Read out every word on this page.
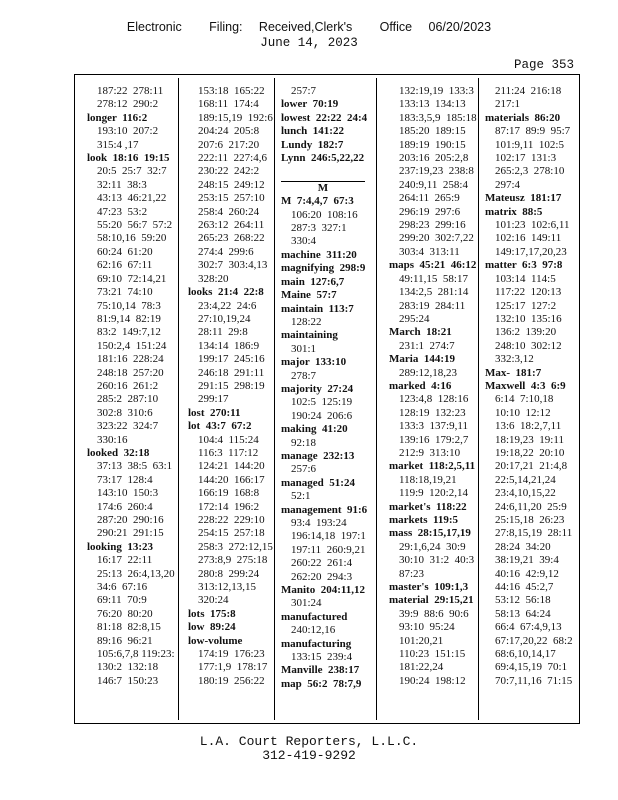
Electronic     Filing:   Received,Clerk's     Office   06/20/2023
June 14, 2023
Page 353
187:22  278:11
278:12  290:2
longer  116:2
193:10  207:2
315:4 ,17
look  18:16  19:15
20:5  25:7  32:7
32:11  38:3
43:13  46:21,22
47:23  53:2
55:20  56:7  57:2
58:10,16  59:20
60:24  61:20
62:16  67:11
69:10  72:14,21
73:21  74:10
75:10,14  78:3
81:9,14  82:19
83:2  149:7,12
150:2,4  151:24
181:16  228:24
248:18  257:20
260:16  261:2
285:2  287:10
302:8  310:6
323:22  324:7
330:16
looked  32:18
37:13  38:5  63:1
73:17  128:4
143:10  150:3
174:6  260:4
287:20  290:16
290:21  291:15
looking  13:23
16:17  22:11
25:13  26:4,13,20
34:6  67:16
69:11  70:9
76:20  80:20
81:18  82:8,15
89:16  96:21
105:6,7,8 119:23:
130:2  132:18
146:7  150:23
153:18  165:22
168:11  174:4
189:15,19  192:6
204:24  205:8
207:6  217:20
222:11  227:4,6
230:22  242:2
248:15  249:12
253:15  257:10
258:4  260:24
263:12  264:11
265:23  268:22
274:4  299:6
302:7  303:4,13
328:20
looks  21:4  22:8
23:4,22  24:6
27:10,19,24
28:11  29:8
134:14  186:9
199:17  245:16
246:18  291:11
291:15  298:19
299:17
lost  270:11
lot  43:7  67:2
104:4  115:24
116:3  117:12
124:21  144:20
144:20  166:17
166:19  168:8
172:14  196:2
228:22  229:10
254:15  257:18
258:3  272:12,15
273:8,9  275:18
280:8  299:24
313:12,13,15
320:24
lots  175:8
low  89:24
low-volume
174:19  176:23
177:1,9  178:17
180:19  256:22
257:7
lower  70:19
lowest  22:22  24:4
lunch  141:22
Lundy  182:7
Lynn  246:5,22,22

M
M  7:4,4,7  67:3
106:20  108:16
287:3  327:1
330:4
machine  311:20
magnifying  298:9
main  127:6,7
Maine  57:7
maintain  113:7
128:22
maintaining
301:1
major  133:10
278:7
majority  27:24
102:5  125:19
190:24  206:6
making  41:20
92:18
manage  232:13
257:6
managed  51:24
52:1
management  91:6
93:4  193:24
196:14,18  197:1
197:11  260:9,21
260:22  261:4
262:20  294:3
Manito  204:11,12
301:24
manufactured
240:12,16
manufacturing
133:15  239:4
Manville  238:17
map  56:2  78:7,9
132:19,19  133:3
133:13  134:13
183:3,5,9  185:18
185:20  189:15
189:19  190:15
203:16  205:2,8
237:19,23  238:8
240:9,11  258:4
264:11  265:9
296:19  297:6
298:23  299:16
299:20  302:7,22
303:4  313:11
maps  45:21  46:12
49:11,15  58:17
134:2,5  281:14
283:19  284:11
295:24
March  18:21
231:1  274:7
Maria  144:19
289:12,18,23
marked  4:16
123:4,8  128:16
128:19  132:23
133:3  137:9,11
139:16  179:2,7
212:9  313:10
market  118:2,5,11
118:18,19,21
119:9  120:2,14
market's  118:22
markets  119:5
mass  28:15,17,19
29:1,6,24  30:9
30:10  31:2  40:3
87:23
master's  109:1,3
material  29:15,21
39:9  88:6  90:6
93:10  95:24
101:20,21
110:23  151:15
181:22,24
190:24  198:12
211:24  216:18
217:1
materials  86:20
87:17  89:9  95:7
101:9,11  102:5
102:17  131:3
265:2,3  278:10
297:4
Mateusz  181:17
matrix  88:5
101:23  102:6,11
102:16  149:11
149:17,17,20,23
matter  6:3  97:8
103:14  114:5
117:22  120:13
125:17  127:2
132:10  135:16
136:2  139:20
248:10  302:12
332:3,12
Max-  181:7
Maxwell  4:3  6:9
6:14  7:10,18
10:10  12:12
13:6  18:2,7,11
18:19,23  19:11
19:18,22  20:10
20:17,21  21:4,8
22:5,14,21,24
23:4,10,15,22
24:6,11,20  25:9
25:15,18  26:23
27:8,15,19  28:11
28:24  34:20
38:19,21  39:4
40:16  42:9,12
44:16  45:2,7
53:12  56:18
58:13  64:24
66:4  67:4,9,13
67:17,20,22  68:2
68:6,10,14,17
69:4,15,19  70:1
70:7,11,16  71:15
L.A. Court Reporters, L.L.C.
312-419-9292
